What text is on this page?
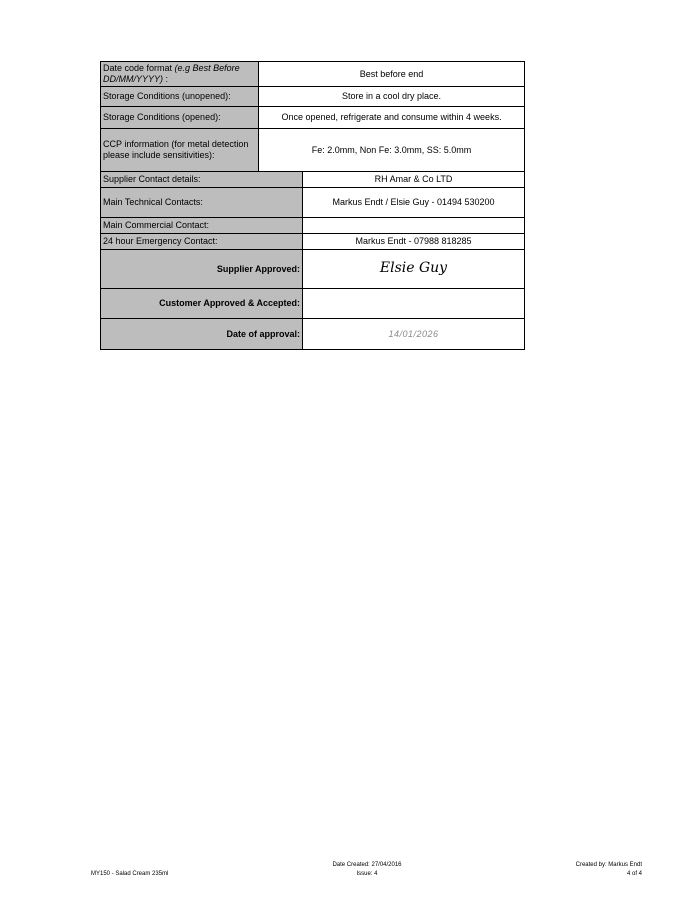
Date code format (e.g Best Before DD/MM/YYYY) :	Best before end	
Storage Conditions (unopened):	Store in a cool dry place.	
Storage Conditions (opened):	Once opened, refrigerate and consume within 4 weeks.	
CCP information (for metal detection please include sensitivities):	Fe: 2.0mm, Non Fe: 3.0mm, SS: 5.0mm	
Supplier Contact details:		RH Amar & Co LTD
Main Technical Contacts:		Markus Endt / Elsie Guy - 01494 530200
Main Commercial Contact:		
24 hour Emergency Contact:		Markus Endt - 07988 818285
Supplier Approved:		Elsie Guy
Customer Approved & Accepted:		
Date of approval:		14/01/2026
MY150 - Salad Cream 235ml
Date Created: 27/04/2016
Issue: 4
Created by: Markus Endt
4 of 4
